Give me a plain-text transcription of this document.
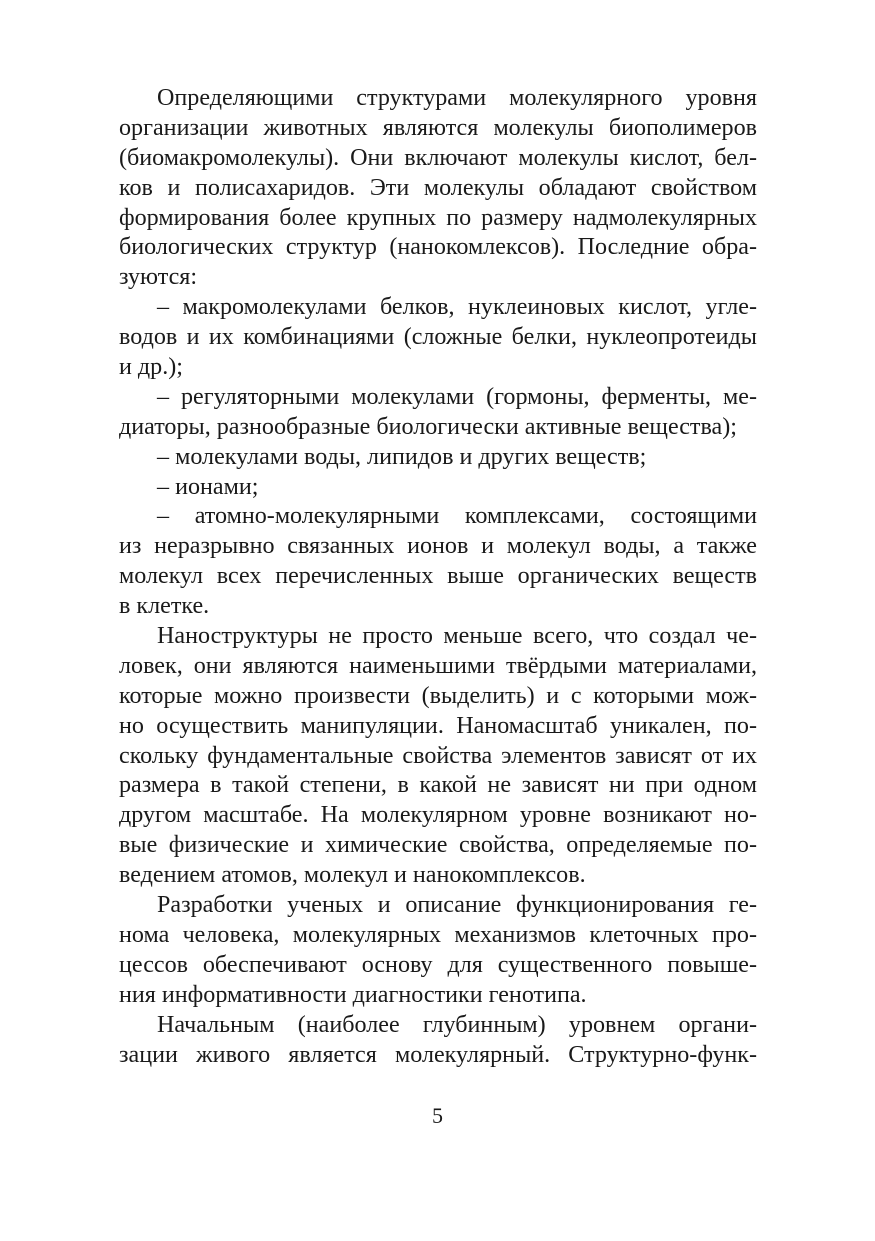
Определяющими структурами молекулярного уровня
организации животных являются молекулы биополимеров
(биомакромолекулы). Они включают молекулы кислот, бел-
ков и полисахаридов. Эти молекулы обладают свойством
формирования более крупных по размеру надмолекулярных
биологических структур (нанокомлексов). Последние обра-
зуются:

– макромолекулами белков, нуклеиновых кислот, угле-
водов и их комбинациями (сложные белки, нуклеопротеиды
и др.);

– регуляторными молекулами (гормоны, ферменты, ме-
диаторы, разнообразные биологически активные вещества);

– молекулами воды, липидов и других веществ;

– ионами;

– атомно-молекулярными комплексами, состоящими
из неразрывно связанных ионов и молекул воды, а также
молекул всех перечисленных выше органических веществ
в клетке.

Наноструктуры не просто меньше всего, что создал че-
ловек, они являются наименьшими твёрдыми материалами,
которые можно произвести (выделить) и с которыми мож-
но осуществить манипуляции. Наномасштаб уникален, по-
скольку фундаментальные свойства элементов зависят от их
размера в такой степени, в какой не зависят ни при одном
другом масштабе. На молекулярном уровне возникают но-
вые физические и химические свойства, определяемые по-
ведением атомов, молекул и нанокомплексов.

Разработки ученых и описание функционирования ге-
нома человека, молекулярных механизмов клеточных про-
цессов обеспечивают основу для существенного повыше-
ния информативности диагностики генотипа.

Начальным (наиболее глубинным) уровнем органи-
зации живого является молекулярный. Структурно-функ-

5
